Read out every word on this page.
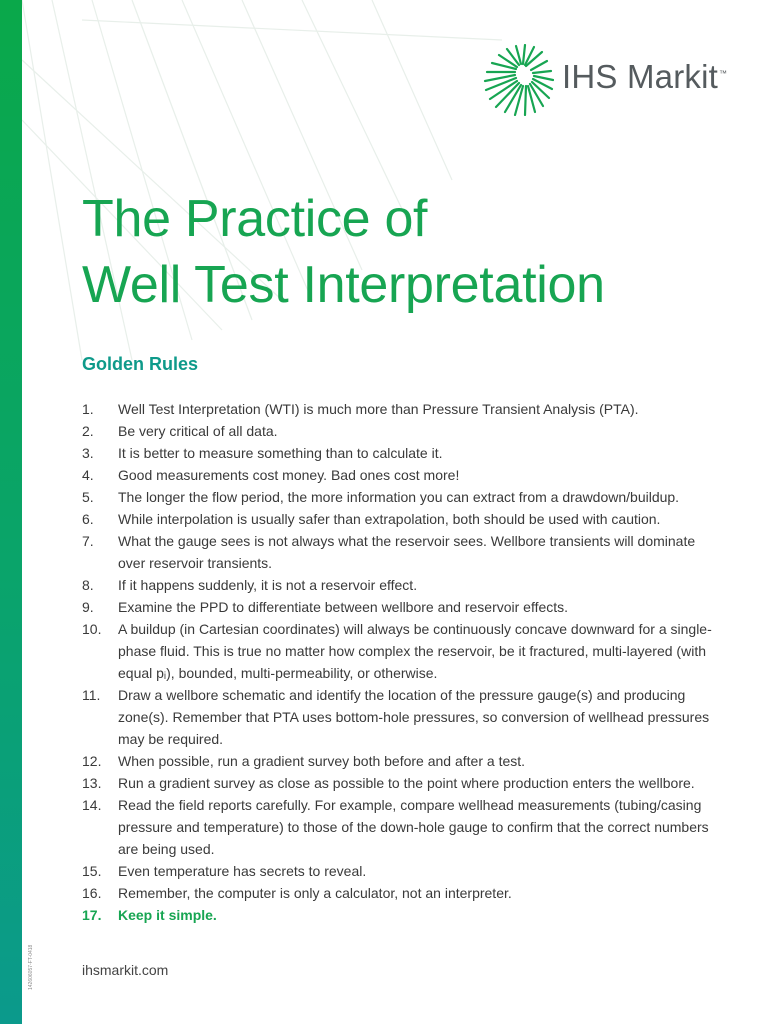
IHS Markit™
The Practice of
Well Test Interpretation
Golden Rules
1.	Well Test Interpretation (WTI) is much more than Pressure Transient Analysis (PTA).
2.	Be very critical of all data.
3.	It is better to measure something than to calculate it.
4.	Good measurements cost money. Bad ones cost more!
5.	The longer the flow period, the more information you can extract from a drawdown/buildup.
6.	While interpolation is usually safer than extrapolation, both should be used with caution.
7.	What the gauge sees is not always what the reservoir sees. Wellbore transients will dominate over reservoir transients.
8.	If it happens suddenly, it is not a reservoir effect.
9.	Examine the PPD to differentiate between wellbore and reservoir effects.
10.	A buildup (in Cartesian coordinates) will always be continuously concave downward for a single-phase fluid. This is true no matter how complex the reservoir, be it fractured, multi-layered (with equal pᵢ), bounded, multi-permeability, or otherwise.
11.	Draw a wellbore schematic and identify the location of the pressure gauge(s) and producing zone(s). Remember that PTA uses bottom-hole pressures, so conversion of wellhead pressures may be required.
12.	When possible, run a gradient survey both before and after a test.
13.	Run a gradient survey as close as possible to the point where production enters the wellbore.
14.	Read the field reports carefully. For example, compare wellhead measurements (tubing/casing pressure and temperature) to those of the down-hole gauge to confirm that the correct numbers are being used.
15.	Even temperature has secrets to reveal.
16.	Remember, the computer is only a calculator, not an interpreter.
17.	Keep it simple.
142606057-FT-0418	ihsmarkit.com
